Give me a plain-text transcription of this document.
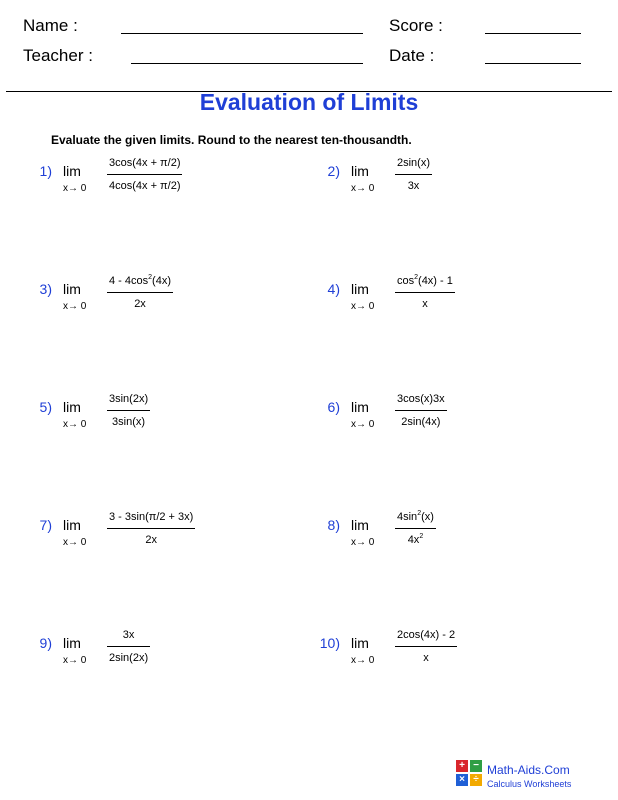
Name :	Score :
Teacher :	Date :
Evaluation of Limits
Evaluate the given limits. Round to the nearest ten-thousandth.
1) lim
x→ 0
3cos(4x + π/2)
4cos(4x + π/2)
2) lim
x→ 0
2sin(x)
3x
3) lim
x→ 0
$4 - 4\cos^2(4x)$
2x
4) lim
x→ 0
$\cos^2(4x) - 1$
x
5) lim
x→ 0
3sin(2x)
3sin(x)
6) lim
x→ 0
3cos(x)3x
2sin(4x)
7) lim
x→ 0
3 - 3sin(π/2 + 3x)
2x
8) lim
x→ 0
$4\sin^2(x)$
$4x^2$
9) lim
x→ 0
3x
2sin(2x)
10) lim
x→ 0
2cos(4x) - 2
x
+ −
× ÷
Math-Aids.Com
Calculus Worksheets
